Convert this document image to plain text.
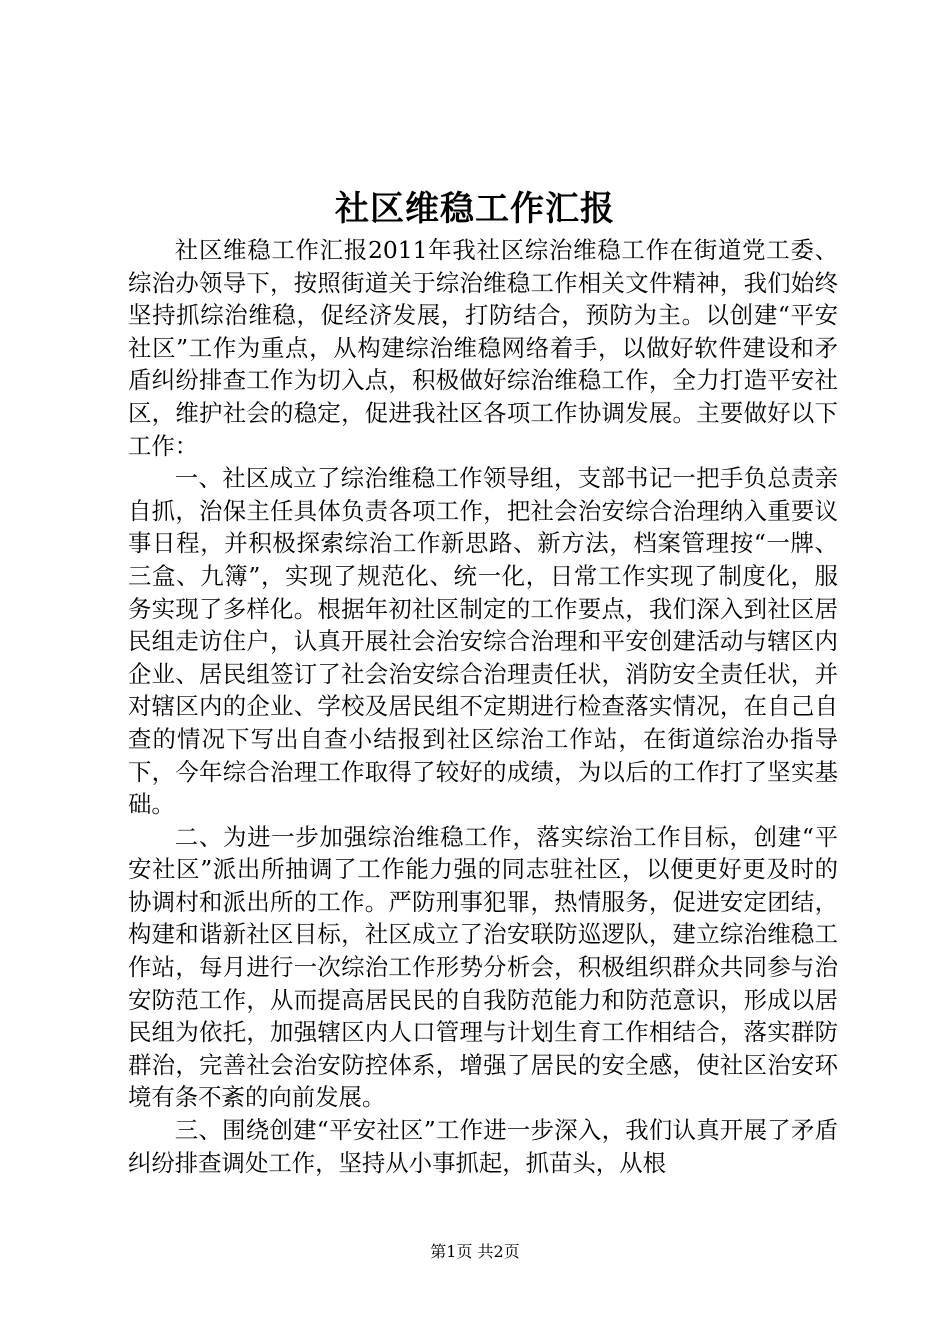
社区维稳工作汇报

社区维稳工作汇报2011年我社区综治维稳工作在街道党工委、综治办领导下，按照街道关于综治维稳工作相关文件精神，我们始终坚持抓综治维稳，促经济发展，打防结合，预防为主。以创建“平安社区”工作为重点，从构建综治维稳网络着手，以做好软件建设和矛盾纠纷排查工作为切入点，积极做好综治维稳工作，全力打造平安社区，维护社会的稳定，促进我社区各项工作协调发展。主要做好以下工作：

一、社区成立了综治维稳工作领导组，支部书记一把手负总责亲自抓，治保主任具体负责各项工作，把社会治安综合治理纳入重要议事日程，并积极探索综治工作新思路、新方法，档案管理按“一牌、三盒、九簿”，实现了规范化、统一化，日常工作实现了制度化，服务实现了多样化。根据年初社区制定的工作要点，我们深入到社区居民组走访住户，认真开展社会治安综合治理和平安创建活动与辖区内企业、居民组签订了社会治安综合治理责任状，消防安全责任状，并对辖区内的企业、学校及居民组不定期进行检查落实情况，在自己自查的情况下写出自查小结报到社区综治工作站，在街道综治办指导下，今年综合治理工作取得了较好的成绩，为以后的工作打了坚实基础。

二、为进一步加强综治维稳工作，落实综治工作目标，创建“平安社区”派出所抽调了工作能力强的同志驻社区，以便更好更及时的协调村和派出所的工作。严防刑事犯罪，热情服务，促进安定团结，构建和谐新社区目标，社区成立了治安联防巡逻队，建立综治维稳工作站，每月进行一次综治工作形势分析会，积极组织群众共同参与治安防范工作，从而提高居民民的自我防范能力和防范意识，形成以居民组为依托，加强辖区内人口管理与计划生育工作相结合，落实群防群治，完善社会治安防控体系，增强了居民的安全感，使社区治安环境有条不紊的向前发展。

三、围绕创建“平安社区”工作进一步深入，我们认真开展了矛盾纠纷排查调处工作，坚持从小事抓起，抓苗头，从根

第1页 共2页
